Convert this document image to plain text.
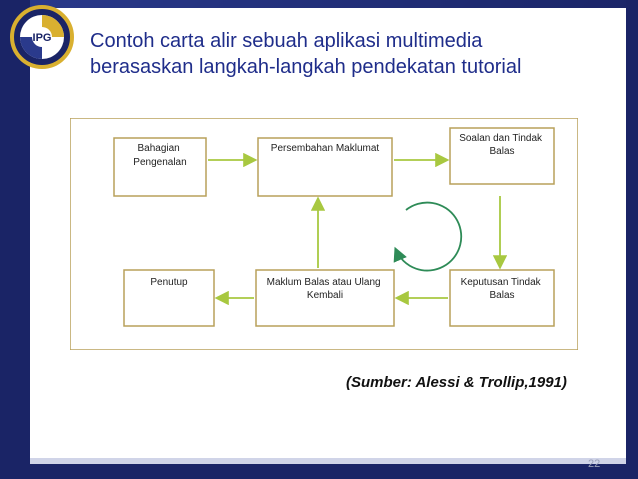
IPG Contoh carta alir sebuah aplikasi multimedia
berasaskan langkah-langkah pendekatan tutorial
Bahagian Pengenalan
Persembahan Maklumat
Soalan dan Tindak Balas
Penutup	Maklum Balas atau Ulang Kembali
Keputusan Tindak Balas
(Sumber: Alessi & Trollip,1991)
22
